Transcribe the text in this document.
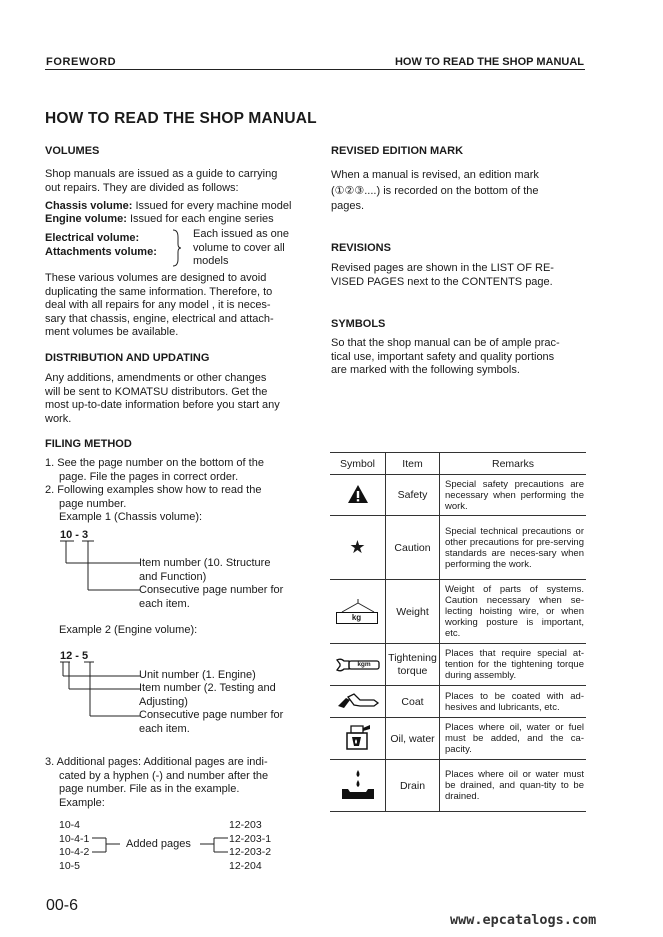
FOREWORD	HOW TO READ THE SHOP MANUAL
HOW TO READ THE SHOP MANUAL
VOLUMES
Shop manuals are issued as a guide to carrying
out repairs. They are divided as follows:
Chassis volume: Issued for every machine model
Engine volume: Issued for each engine series
Electrical volume:
Attachments volume:
Each issued as one
volume to cover all
models
These various volumes are designed to avoid
duplicating the same information. Therefore, to
deal with all repairs for any model , it is neces-
sary that chassis, engine, electrical and attach-
ment volumes be available.
DISTRIBUTION AND UPDATING
Any additions, amendments or other changes
will be sent to KOMATSU distributors. Get the
most up-to-date information before you start any
work.
FILING METHOD
1. See the page number on the bottom of the
page. File the pages in correct order.
2. Following examples show how to read the
page number.
Example 1 (Chassis volume):
10 - 3
Item number (10. Structure
and Function)
Consecutive page number for
each item.
Example 2 (Engine volume):
12 - 5
Unit number (1. Engine)
Item number (2. Testing and
Adjusting)
Consecutive page number for
each item.
3. Additional pages: Additional pages are indi-
cated by a hyphen (-) and number after the
page number. File as in the example.
Example:
10-4
10-4-1
10-4-2
10-5
Added pages
12-203
12-203-1
12-203-2
12-204
REVISED EDITION MARK
When a manual is revised, an edition mark
(①②③....) is recorded on the bottom of the
pages.
REVISIONS
Revised pages are shown in the LIST OF RE-
VISED PAGES next to the CONTENTS page.
SYMBOLS
So that the shop manual can be of ample prac-
tical use, important safety and quality portions
are marked with the following symbols.
Symbol	Item	Remarks
	Safety	Special safety precautions are necessary when performing the work.
★	Caution	Special technical precautions or other precautions for pre-serving standards are neces-sary when performing the work.

kg	Weight	Weight of parts of systems. Caution necessary when se-lecting hoisting wire, or when working posture is important, etc.

kgm	Tightening torque	Places that require special at-tention for the tightening torque during assembly.
	Coat	Places to be coated with ad-hesives and lubricants, etc.
	Oil, water	Places where oil, water or fuel must be added, and the ca-pacity.
	Drain	Places where oil or water must be drained, and quan-tity to be drained.
00-6
www.epcatalogs.com
